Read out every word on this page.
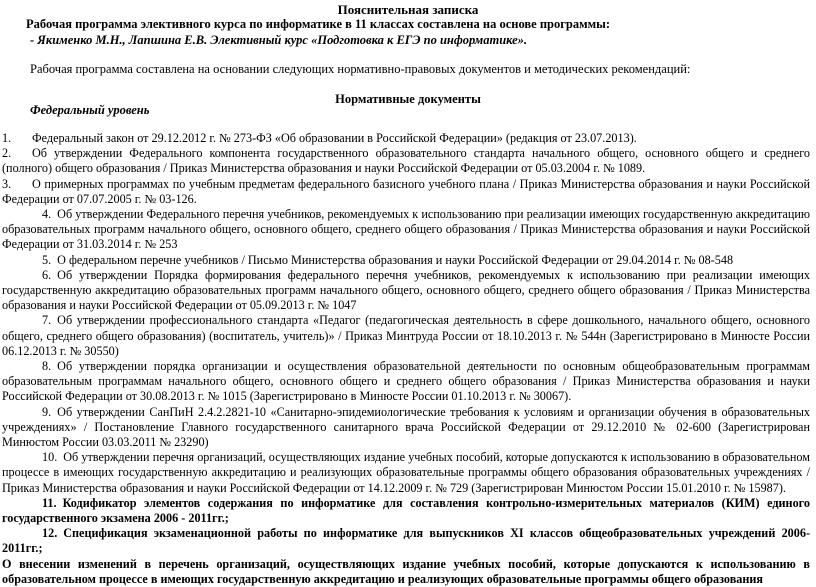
Пояснительная записка
Рабочая программа элективного курса по информатике в 11 классах составлена на основе программы:
- Якименко М.Н., Лапшина Е.В. Элективный курс «Подготовка к ЕГЭ по информатике».
Рабочая программа составлена на основании следующих нормативно-правовых документов и методических рекомендаций:
Нормативные документы
Федеральный уровень

1. Федеральный закон от 29.12.2012 г. № 273-ФЗ «Об образовании в Российской Федерации» (редакция от 23.07.2013).

2. Об утверждении Федерального компонента государственного образовательного стандарта начального общего, основного общего и среднего (полного) общего образования / Приказ Министерства образования и науки Российской Федерации от 05.03.2004 г. № 1089.

3. О примерных программах по учебным предметам федерального базисного учебного плана / Приказ Министерства образования и науки Российской Федерации от 07.07.2005 г. № 03-126.

4. Об утверждении Федерального перечня учебников, рекомендуемых к использованию при реализации имеющих государственную аккредитацию образовательных программ начального общего, основного общего, среднего общего образования / Приказ Министерства образования и науки Российской Федерации от 31.03.2014 г. № 253

5. О федеральном перечне учебников / Письмо Министерства образования и науки Российской Федерации от 29.04.2014 г. № 08-548

6. Об утверждении Порядка формирования федерального перечня учебников, рекомендуемых к использованию при реализации имеющих государственную аккредитацию образовательных программ начального общего, основного общего, среднего общего образования / Приказ Министерства образования и науки Российской Федерации от 05.09.2013 г. № 1047

7. Об утверждении профессионального стандарта «Педагог (педагогическая деятельность в сфере дошкольного, начального общего, основного общего, среднего общего образования) (воспитатель, учитель)» / Приказ Минтруда России от 18.10.2013 г. № 544н (Зарегистрировано в Минюсте России 06.12.2013 г. № 30550)

8. Об утверждении порядка организации и осуществления образовательной деятельности по основным общеобразовательным программам образовательным программам начального общего, основного общего и среднего общего образования / Приказ Министерства образования и науки Российской Федерации от 30.08.2013 г. № 1015 (Зарегистрировано в Минюсте России 01.10.2013 г. № 30067).

9. Об утверждении СанПиН 2.4.2.2821-10 «Санитарно-эпидемиологические требования к условиям и организации обучения в образовательных учреждениях» / Постановление Главного государственного санитарного врача Российской Федерации от 29.12.2010 № 02-600 (Зарегистрирован Минюстом России 03.03.2011 № 23290)

10. Об утверждении перечня организаций, осуществляющих издание учебных пособий, которые допускаются к использованию в образовательном процессе в имеющих государственную аккредитацию и реализующих образовательные программы общего образования образовательных учреждениях / Приказ Министерства образования и науки Российской Федерации от 14.12.2009 г. № 729 (Зарегистрирован Минюстом России 15.01.2010 г. № 15987).

11. Кодификатор элементов содержания по информатике для составления контрольно-измерительных материалов (КИМ) единого государственного экзамена 2006 - 2011гг.;

12. Спецификация экзаменационной работы по информатике для выпускников XI классов общеобразовательных учреждений 2006-2011гг.;

О внесении изменений в перечень организаций, осуществляющих издание учебных пособий, которые допускаются к использованию в образовательном процессе в имеющих государственную аккредитацию и реализующих образовательные программы общего образования
